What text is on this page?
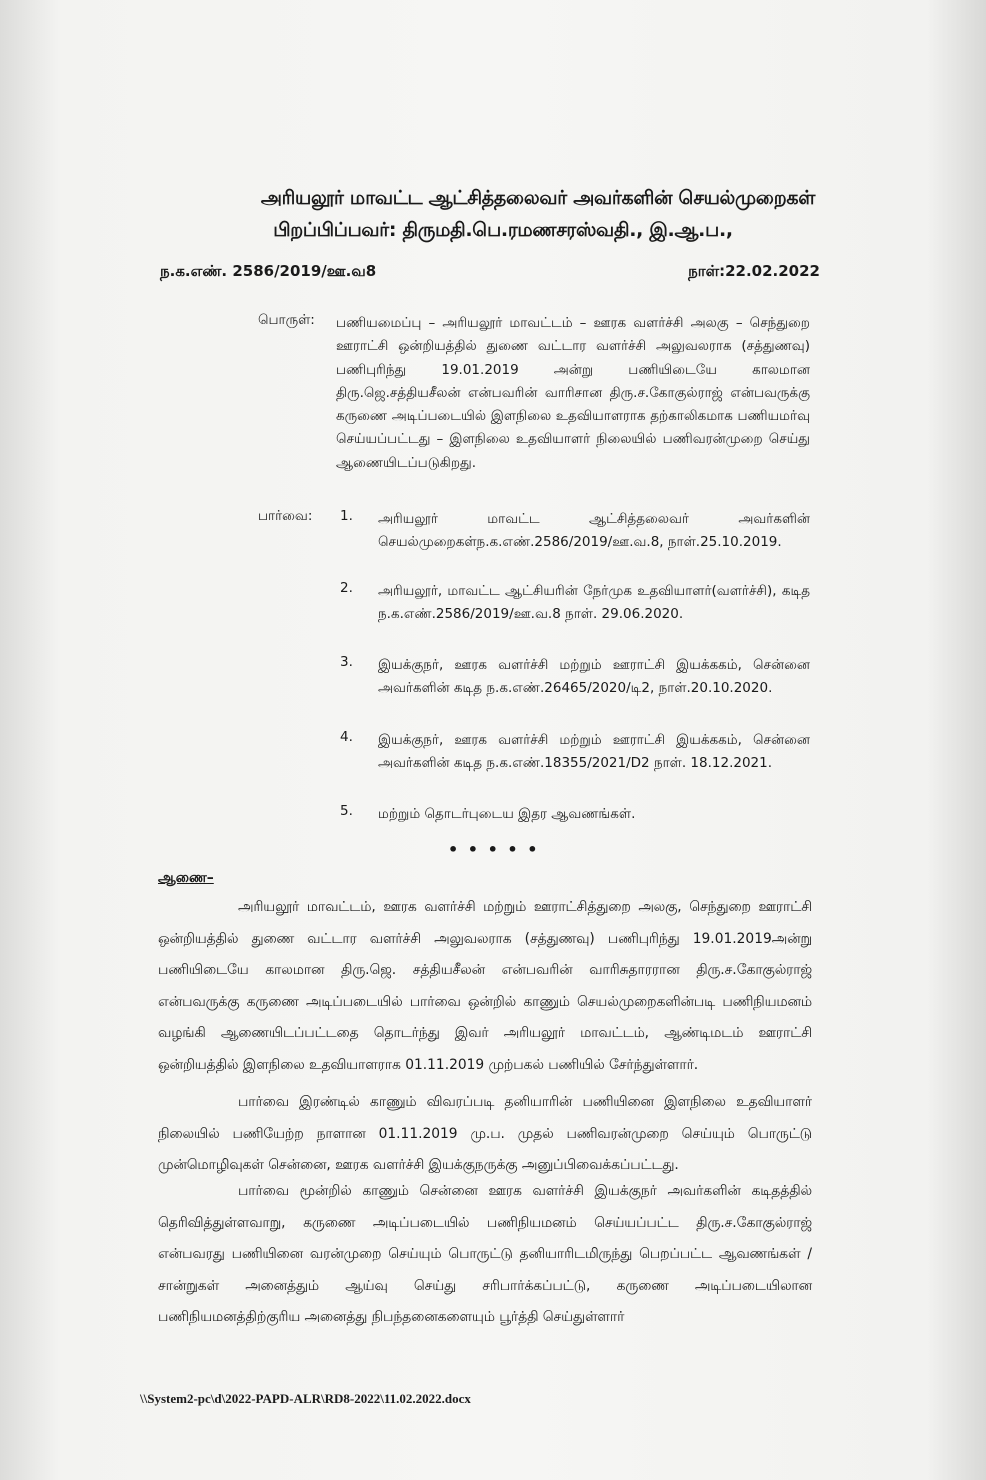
அரியலூர் மாவட்ட ஆட்சித்தலைவர் அவர்களின் செயல்முறைகள்
பிறப்பிப்பவர்: திருமதி.பெ.ரமணசரஸ்வதி., இ.ஆ.ப.,
ந.க.எண். 2586/2019/ஊ.வ8	நாள்:22.02.2022
பொருள்: பணியமைப்பு – அரியலூர் மாவட்டம் – ஊரக வளர்ச்சி அலகு – செந்துறை ஊராட்சி ஒன்றியத்தில் துணை வட்டார வளர்ச்சி அலுவலராக (சத்துணவு) பணிபுரிந்து 19.01.2019 அன்று பணியிடையே காலமான திரு.ஜெ.சத்தியசீலன் என்பவரின் வாரிசான திரு.ச.கோகுல்ராஜ் என்பவருக்கு கருணை அடிப்படையில் இளநிலை உதவியாளராக தற்காலிகமாக பணியமர்வு செய்யப்பட்டது – இளநிலை உதவியாளர் நிலையில் பணிவரன்முறை செய்து ஆணையிடப்படுகிறது.
பார்வை: 1. அரியலூர் மாவட்ட ஆட்சித்தலைவர் அவர்களின் செயல்முறைகள்ந.க.எண்.2586/2019/ஊ.வ.8, நாள்.25.10.2019.
2. அரியலூர், மாவட்ட ஆட்சியரின் நேர்முக உதவியாளர்(வளர்ச்சி), கடித ந.க.எண்.2586/2019/ஊ.வ.8 நாள். 29.06.2020.
3. இயக்குநர், ஊரக வளர்ச்சி மற்றும் ஊராட்சி இயக்ககம், சென்னை அவர்களின் கடித ந.க.எண்.26465/2020/டி2, நாள்.20.10.2020.
4. இயக்குநர், ஊரக வளர்ச்சி மற்றும் ஊராட்சி இயக்ககம், சென்னை அவர்களின் கடித ந.க.எண்.18355/2021/D2 நாள். 18.12.2021.
5. மற்றும் தொடர்புடைய இதர ஆவணங்கள்.
• • • • •
ஆணை–
அரியலூர் மாவட்டம், ஊரக வளர்ச்சி மற்றும் ஊராட்சித்துறை அலகு, செந்துறை ஊராட்சி ஒன்றியத்தில் துணை வட்டார வளர்ச்சி அலுவலராக (சத்துணவு) பணிபுரிந்து 19.01.2019அன்று பணியிடையே காலமான திரு.ஜெ. சத்தியசீலன் என்பவரின் வாரிசுதாரரான திரு.ச.கோகுல்ராஜ் என்பவருக்கு கருணை அடிப்படையில் பார்வை ஒன்றில் காணும் செயல்முறைகளின்படி பணிநியமனம் வழங்கி ஆணையிடப்பட்டதை தொடர்ந்து இவர் அரியலூர் மாவட்டம், ஆண்டிமடம் ஊராட்சி ஒன்றியத்தில் இளநிலை உதவியாளராக 01.11.2019 முற்பகல் பணியில் சேர்ந்துள்ளார்.
பார்வை இரண்டில் காணும் விவரப்படி தனியாரின் பணியினை இளநிலை உதவியாளர் நிலையில் பணியேற்ற நாளான 01.11.2019 மு.ப. முதல் பணிவரன்முறை செய்யும் பொருட்டு முன்மொழிவுகள் சென்னை, ஊரக வளர்ச்சி இயக்குநருக்கு அனுப்பிவைக்கப்பட்டது.
பார்வை மூன்றில் காணும் சென்னை ஊரக வளர்ச்சி இயக்குநர் அவர்களின் கடிதத்தில் தெரிவித்துள்ளவாறு, கருணை அடிப்படையில் பணிநியமனம் செய்யப்பட்ட திரு.ச.கோகுல்ராஜ் என்பவரது பணியினை வரன்முறை செய்யும் பொருட்டு தனியாரிடமிருந்து பெறப்பட்ட ஆவணங்கள் / சான்றுகள் அனைத்தும் ஆய்வு செய்து சரிபார்க்கப்பட்டு, கருணை அடிப்படையிலான பணிநியமனத்திற்குரிய அனைத்து நிபந்தனைகளையும் பூர்த்தி செய்துள்ளார்
\\System2-pc\d\2022-PAPD-ALR\RD8-2022\11.02.2022.docx
